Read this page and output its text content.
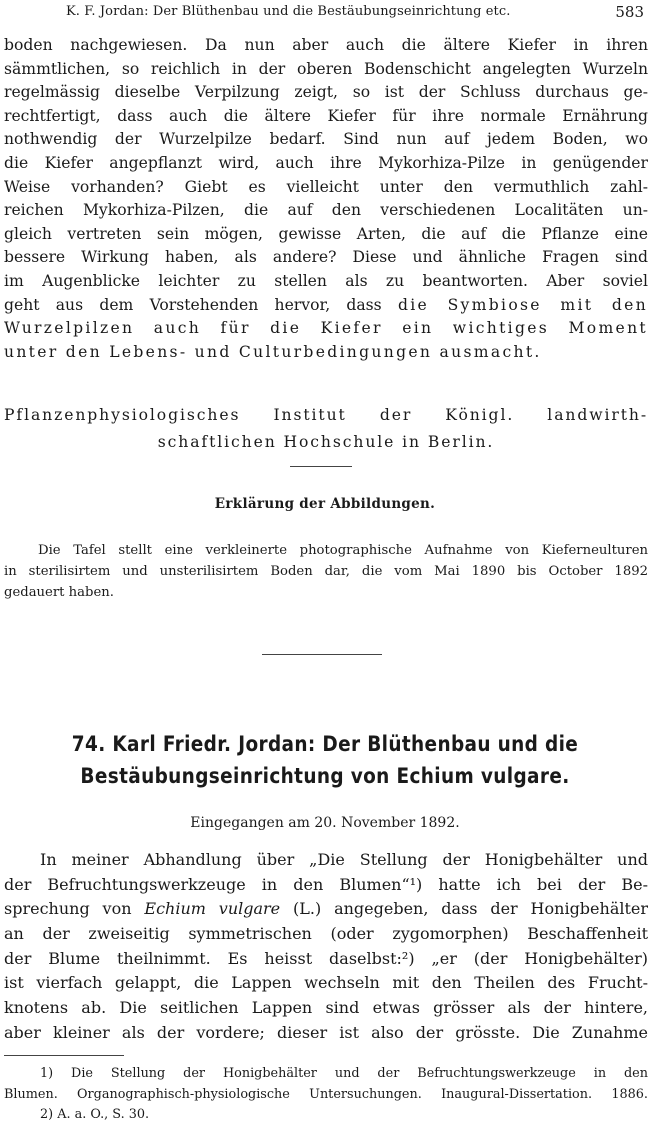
K. F. Jordan: Der Blüthenbau und die Bestäubungseinrichtung etc.	583
boden nachgewiesen. Da nun aber auch die ältere Kiefer in ihren
sämmtlichen, so reichlich in der oberen Bodenschicht angelegten Wurzeln
regelmässig dieselbe Verpilzung zeigt, so ist der Schluss durchaus ge-
rechtfertigt, dass auch die ältere Kiefer für ihre normale Ernährung
nothwendig der Wurzelpilze bedarf. Sind nun auf jedem Boden, wo
die Kiefer angepflanzt wird, auch ihre Mykorhiza-Pilze in genügender
Weise vorhanden? Giebt es vielleicht unter den vermuthlich zahl-
reichen Mykorhiza-Pilzen, die auf den verschiedenen Localitäten un-
gleich vertreten sein mögen, gewisse Arten, die auf die Pflanze eine
bessere Wirkung haben, als andere? Diese und ähnliche Fragen sind
im Augenblicke leichter zu stellen als zu beantworten. Aber soviel
geht aus dem Vorstehenden hervor, dass die Symbiose mit den
Wurzelpilzen auch für die Kiefer ein wichtiges Moment
unter den Lebens- und Culturbedingungen ausmacht.
Pflanzenphysiologisches Institut der Königl. landwirth-
schaftlichen Hochschule in Berlin.
Erklärung der Abbildungen.
Die Tafel stellt eine verkleinerte photographische Aufnahme von Kieferneulturen
in sterilisirtem und unsterilisirtem Boden dar, die vom Mai 1890 bis October 1892
gedauert haben.
74. Karl Friedr. Jordan: Der Blüthenbau und die
Bestäubungseinrichtung von Echium vulgare.
Eingegangen am 20. November 1892.
In meiner Abhandlung über „Die Stellung der Honigbehälter und
der Befruchtungswerkzeuge in den Blumen“¹) hatte ich bei der Be-
sprechung von Echium vulgare (L.) angegeben, dass der Honigbehälter
an der zweiseitig symmetrischen (oder zygomorphen) Beschaffenheit
der Blume theilnimmt. Es heisst daselbst:²) „er (der Honigbehälter)
ist vierfach gelappt, die Lappen wechseln mit den Theilen des Frucht-
knotens ab. Die seitlichen Lappen sind etwas grösser als der hintere,
aber kleiner als der vordere; dieser ist also der grösste. Die Zunahme
1) Die Stellung der Honigbehälter und der Befruchtungswerkzeuge in den
Blumen. Organographisch-physiologische Untersuchungen. Inaugural-Dissertation. 1886.
2) A. a. O., S. 30.
